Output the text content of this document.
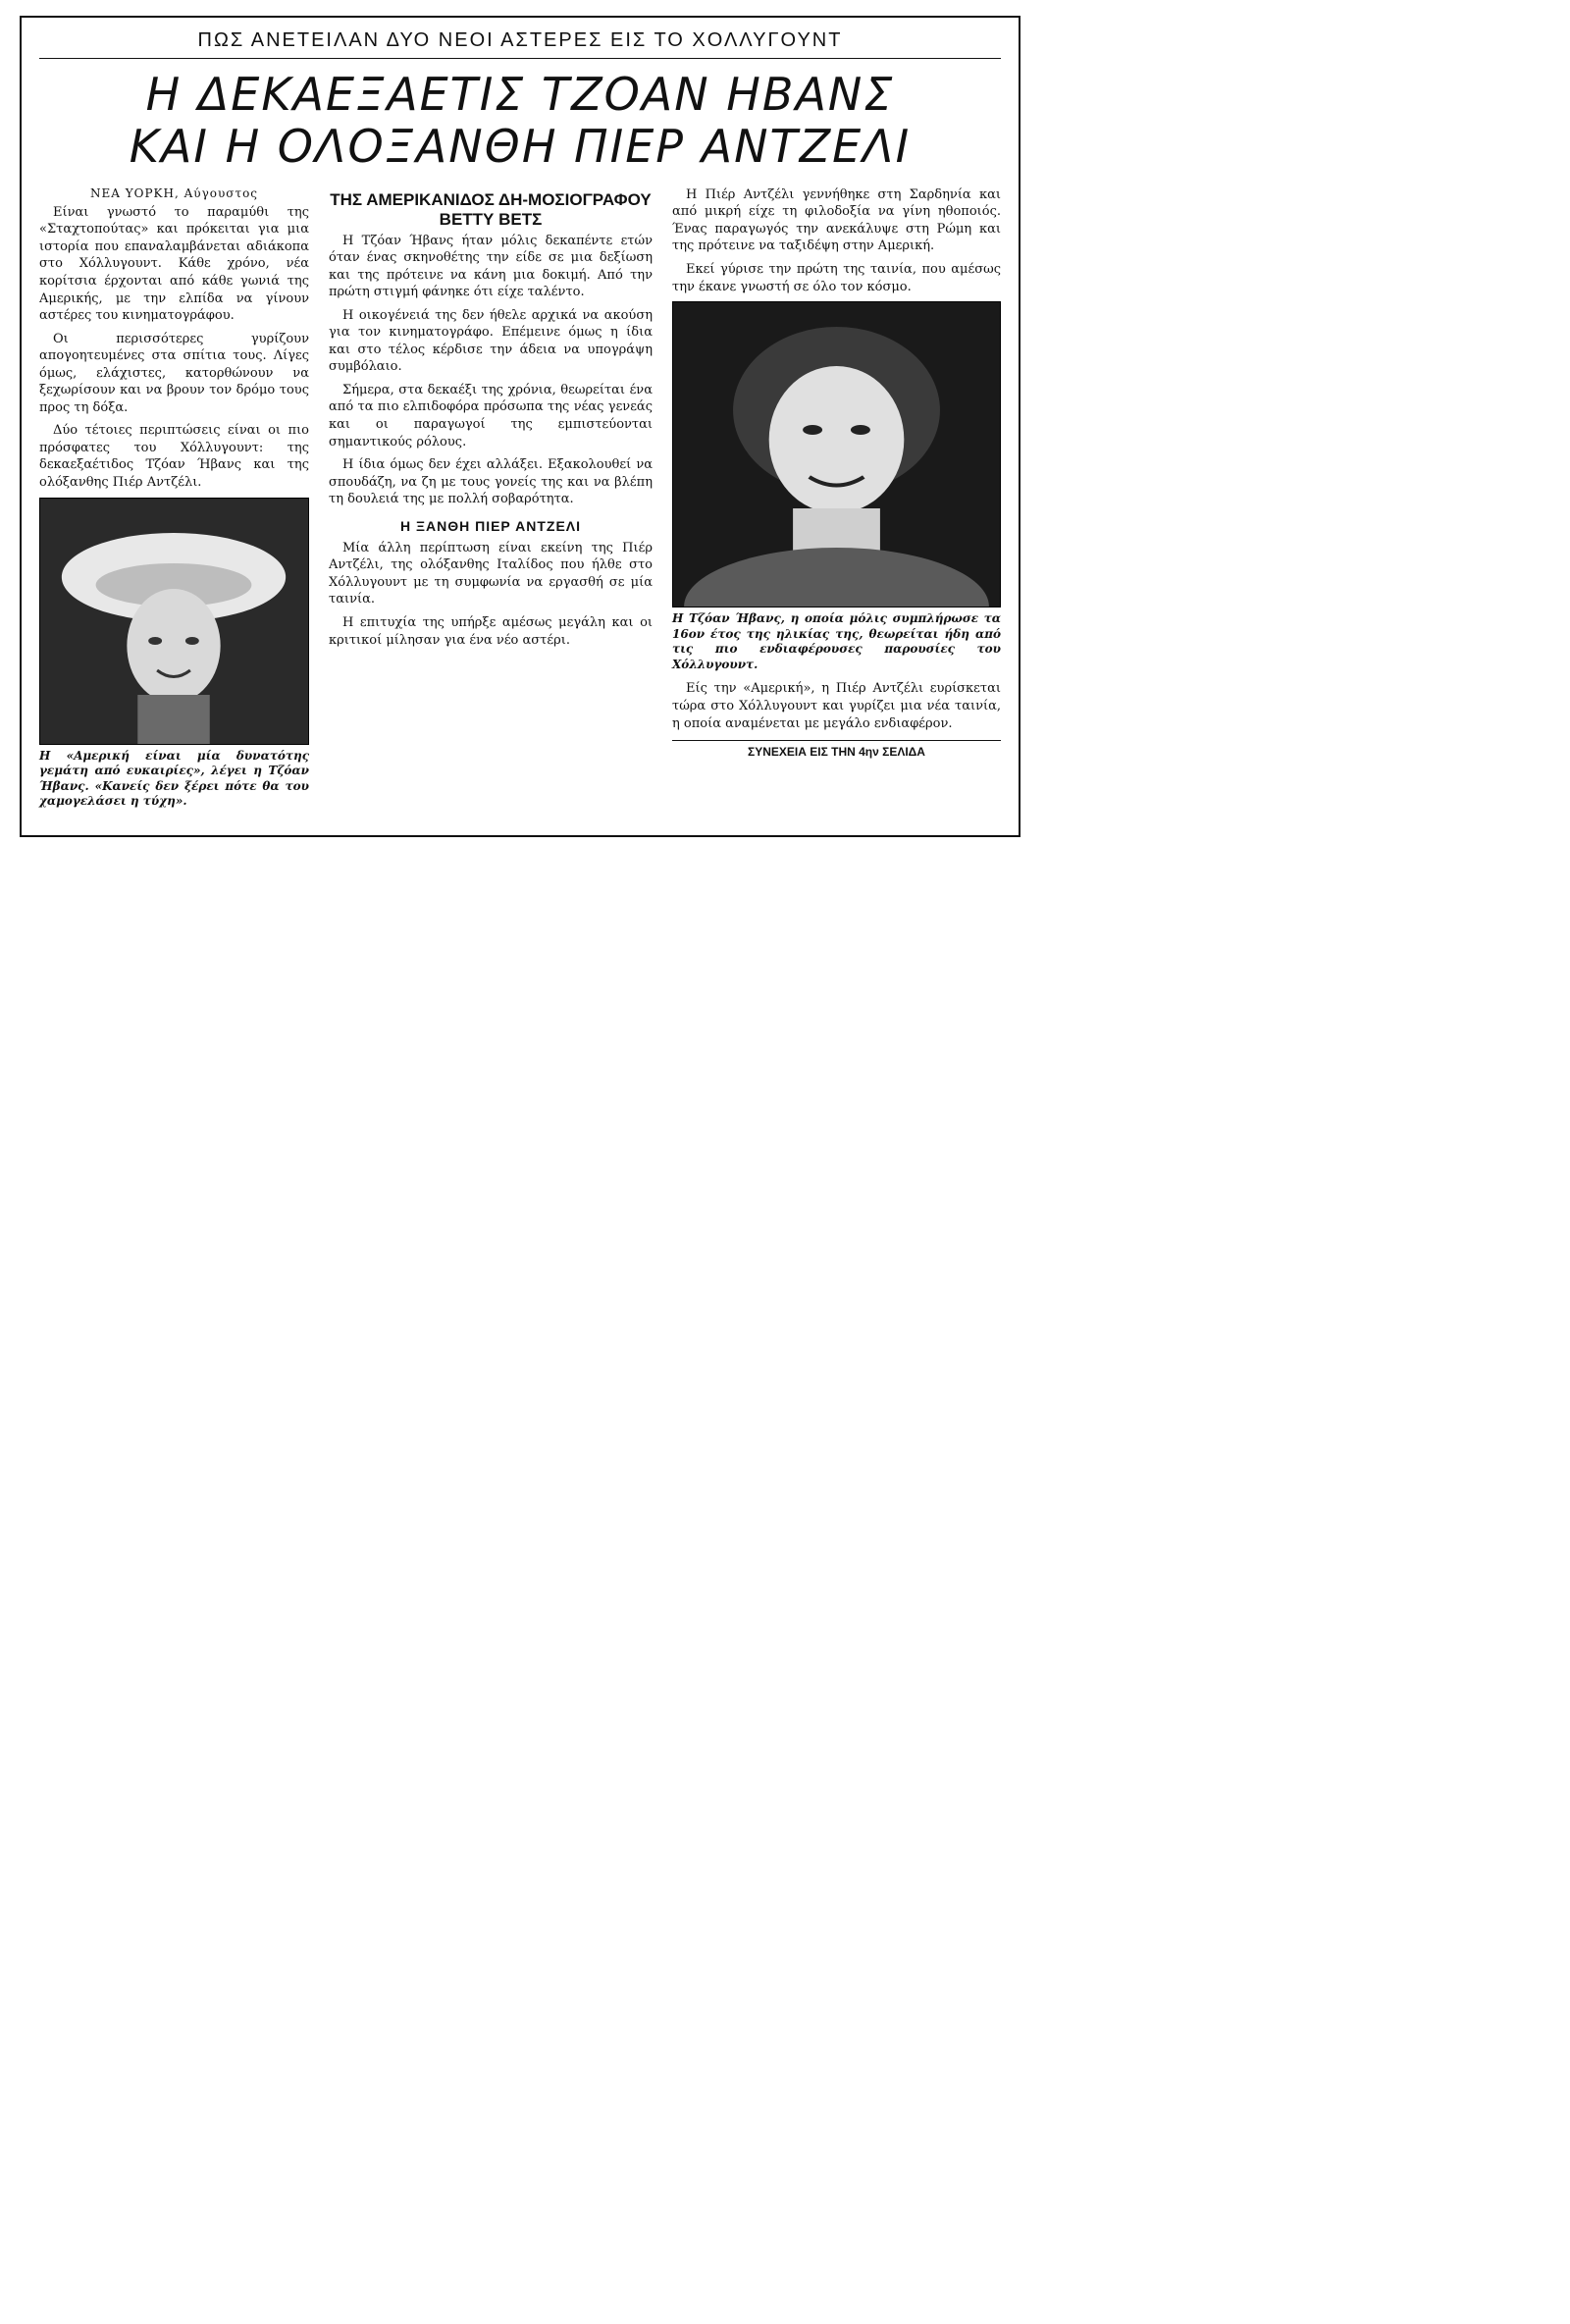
ΠΩΣ ΑΝΕΤΕΙΛΑΝ ΔΥΟ ΝΕΟΙ ΑΣΤΕΡΕΣ ΕΙΣ ΤΟ ΧΟΛΛΥΓΟΥΝΤ
Η ΔΕΚΑΕΞΑΕΤΙΣ ΤΖΟΑΝ ΗΒΑΝΣ
ΚΑΙ Η ΟΛΟΞΑΝΘΗ ΠΙΕΡ ΑΝΤΖΕΛΙ
ΝΕΑ ΥΟΡΚΗ, Αύγουστος

Είναι γνωστό το παραμύθι της «Σταχτοπούτας» και πρόκειται για μια ιστορία που επαναλαμβάνεται αδιάκοπα στο Χόλλυγουντ. Κάθε χρόνο, νέα κορίτσια έρχονται από κάθε γωνιά της Αμερικής, με την ελπίδα να γίνουν αστέρες του κινηματογράφου.

Οι περισσότερες γυρίζουν απογοητευμένες στα σπίτια τους. Λίγες όμως, ελάχιστες, κατορθώνουν να ξεχωρίσουν και να βρουν τον δρόμο τους προς τη δόξα.

Δύο τέτοιες περιπτώσεις είναι οι πιο πρόσφατες του Χόλλυγουντ: της δεκαεξαέτιδος Τζόαν Ήβανς και της ολόξανθης Πιέρ Αντζέλι.

Η «Αμερική είναι μία δυνατότης γεμάτη από ευκαιρίες», λέγει η Τζόαν Ήβανς. «Κανείς δεν ξέρει πότε θα του χαμογελάσει η τύχη».
ΤΗΣ ΑΜΕΡΙΚΑΝΙΔΟΣ ΔΗ-ΜΟΣΙΟΓΡΑΦΟΥ ΒΕΤΤΥ ΒΕΤΣ

Η Τζόαν Ήβανς ήταν μόλις δεκαπέντε ετών όταν ένας σκηνοθέτης την είδε σε μια δεξίωση και της πρότεινε να κάνη μια δοκιμή. Από την πρώτη στιγμή φάνηκε ότι είχε ταλέντο.

Η οικογένειά της δεν ήθελε αρχικά να ακούση για τον κινηματογράφο. Επέμεινε όμως η ίδια και στο τέλος κέρδισε την άδεια να υπογράψη συμβόλαιο.

Σήμερα, στα δεκαέξι της χρόνια, θεωρείται ένα από τα πιο ελπιδοφόρα πρόσωπα της νέας γενεάς και οι παραγωγοί της εμπιστεύονται σημαντικούς ρόλους.

Η ίδια όμως δεν έχει αλλάξει. Εξακολουθεί να σπουδάζη, να ζη με τους γονείς της και να βλέπη τη δουλειά της με πολλή σοβαρότητα.

Η ΞΑΝΘΗ ΠΙΕΡ ΑΝΤΖΕΛΙ

Μία άλλη περίπτωση είναι εκείνη της Πιέρ Αντζέλι, της ολόξανθης Ιταλίδος που ήλθε στο Χόλλυγουντ με τη συμφωνία να εργασθή σε μία ταινία.

Η επιτυχία της υπήρξε αμέσως μεγάλη και οι κριτικοί μίλησαν για ένα νέο αστέρι.

Η Πιέρ Αντζέλι γεννήθηκε στη Σαρδηνία και από μικρή είχε τη φιλοδοξία να γίνη ηθοποιός. Ένας παραγωγός την ανεκάλυψε στη Ρώμη και της πρότεινε να ταξιδέψη στην Αμερική.

Εκεί γύρισε την πρώτη της ταινία, που αμέσως την έκανε γνωστή σε όλο τον κόσμο.

Η Τζόαν Ήβανς, η οποία μόλις συμπλήρωσε τα 16ον έτος της ηλικίας της, θεωρείται ήδη από τις πιο ενδιαφέρουσες παρουσίες του Χόλλυγουντ.

Είς την «Αμερική», η Πιέρ Αντζέλι ευρίσκεται τώρα στο Χόλλυγουντ και γυρίζει μια νέα ταινία, η οποία αναμένεται με μεγάλο ενδιαφέρον.

ΣΥΝΕΧΕΙΑ ΕΙΣ ΤΗΝ 4ην ΣΕΛΙΔΑ
